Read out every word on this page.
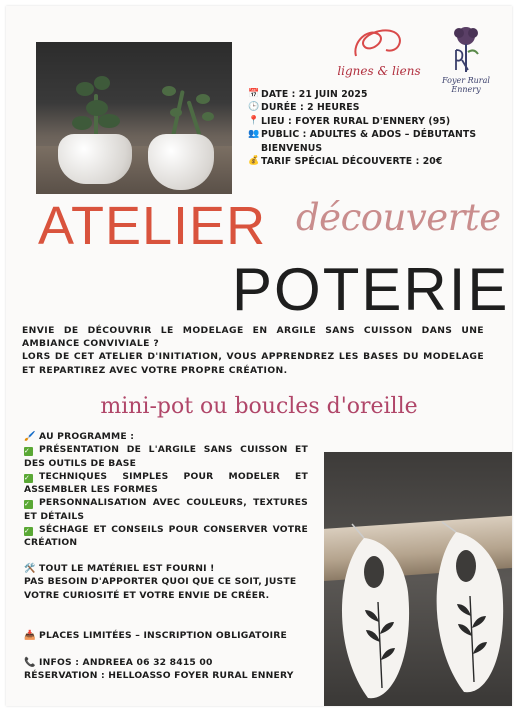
lignes & liens
Foyer Rural
Ennery
📅 DATE : 21 JUIN 2025
🕒 DURÉE : 2 HEURES
📍 LIEU : FOYER RURAL D'ENNERY (95)
👥 PUBLIC : ADULTES & ADOS – DÉBUTANTS BIENVENUS
💰 TARIF SPÉCIAL DÉCOUVERTE : 20€
ATELIER découverte
POTERIE

ENVIE DE DÉCOUVRIR LE MODELAGE EN ARGILE SANS CUISSON DANS UNE AMBIANCE CONVIVIALE ?

LORS DE CET ATELIER D'INITIATION, VOUS APPRENDREZ LES BASES DU MODELAGE ET REPARTIREZ AVEC VOTRE PROPRE CRÉATION.

mini-pot ou boucles d'oreille
🖌️ AU PROGRAMME :

✓ PRÉSENTATION DE L'ARGILE SANS CUISSON ET DES OUTILS DE BASE

✓ TECHNIQUES SIMPLES POUR MODELER ET ASSEMBLER LES FORMES

✓ PERSONNALISATION AVEC COULEURS, TEXTURES ET DÉTAILS

✓ SÉCHAGE ET CONSEILS POUR CONSERVER VOTRE CRÉATION

🛠️ TOUT LE MATÉRIEL EST FOURNI !

PAS BESOIN D'APPORTER QUOI QUE CE SOIT, JUSTE VOTRE CURIOSITÉ ET VOTRE ENVIE DE CRÉER.

📥 PLACES LIMITÉES – INSCRIPTION OBLIGATOIRE

📞 INFOS : ANDREEA 06 32 8415 00

RÉSERVATION : HELLOASSO FOYER RURAL ENNERY
